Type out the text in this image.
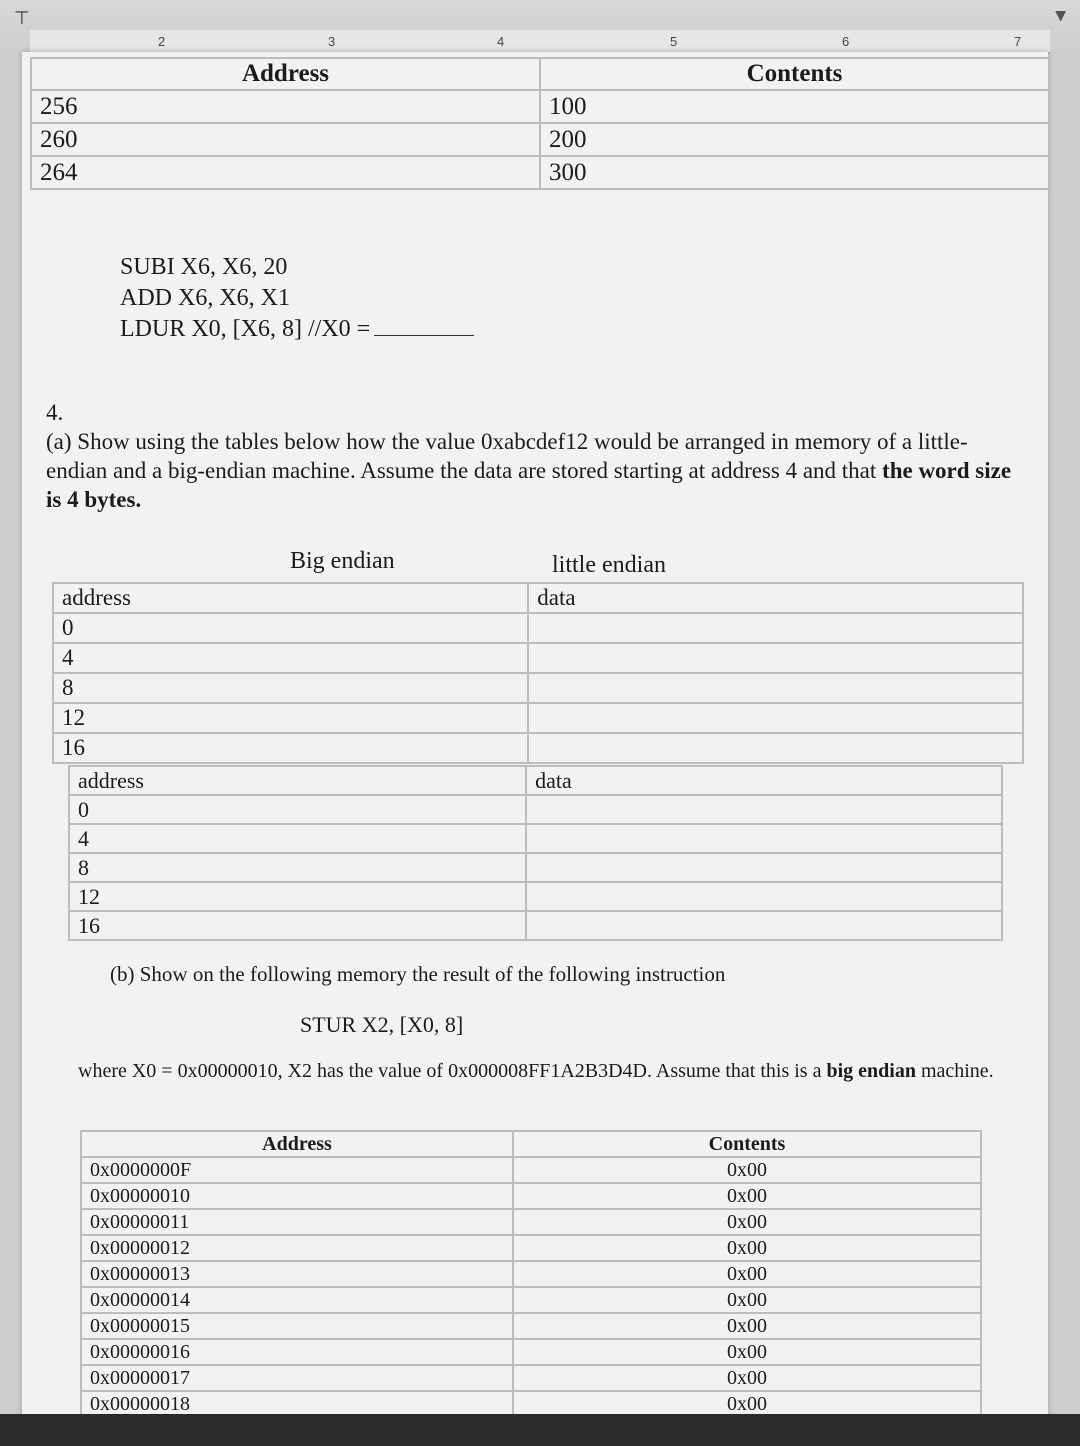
⊤
2	3	4	5	6	7
▼
Address	Contents
256	100
260	200
264	300
SUBI X6, X6, 20
ADD X6, X6, X1
LDUR X0, [X6, 8] //X0 =
4.
(a) Show using the tables below how the value 0xabcdef12 would be arranged in memory of a little-endian and a big-endian machine. Assume the data are stored starting at address 4 and that the word size is 4 bytes.
Big endian	little endian
address	data
0	
4	
8	
12	
16	
address	data
0	
4	
8	
12	
16	
(b) Show on the following memory the result of the following instruction
STUR X2, [X0, 8]
where X0 = 0x00000010, X2 has the value of 0x000008FF1A2B3D4D. Assume that this is a big endian machine.
Address	Contents
0x0000000F	0x00
0x00000010	0x00
0x00000011	0x00
0x00000012	0x00
0x00000013	0x00
0x00000014	0x00
0x00000015	0x00
0x00000016	0x00
0x00000017	0x00
0x00000018	0x00
